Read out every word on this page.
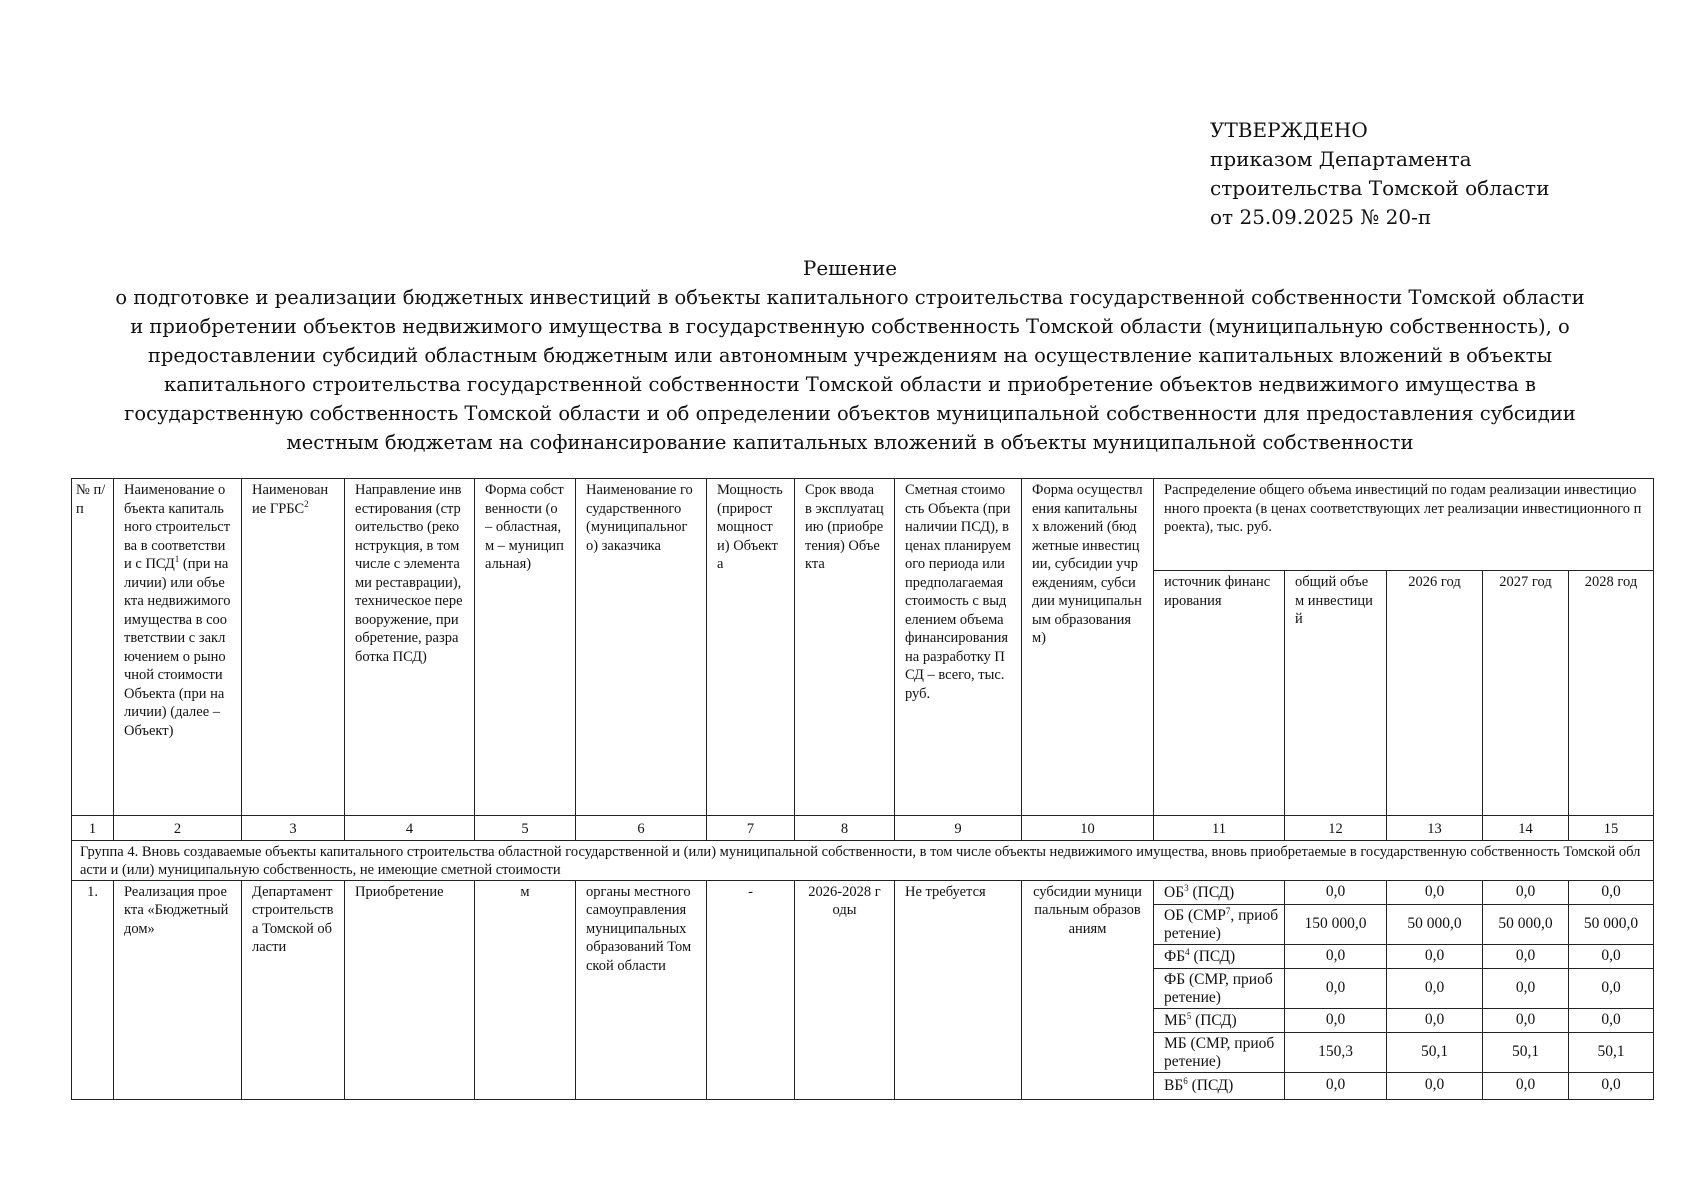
УТВЕРЖДЕНО
приказом Департамента
строительства Томской области
от 25.09.2025 № 20-п
Решение
о подготовке и реализации бюджетных инвестиций в объекты капитального строительства государственной собственности Томской области
и приобретении объектов недвижимого имущества в государственную собственность Томской области (муниципальную собственность), о
предоставлении субсидий областным бюджетным или автономным учреждениям на осуществление капитальных вложений в объекты
капитального строительства государственной собственности Томской области и приобретение объектов недвижимого имущества в
государственную собственность Томской области и об определении объектов муниципальной собственности для предоставления субсидии
местным бюджетам на софинансирование капитальных вложений в объекты муниципальной собственности
№ п/п	Наименование объекта капитального строительства в соответствии с ПСД$^1$ (при наличии) или объекта недвижимого имущества в соответствии с заключением о рыночной стоимости Объекта (при наличии) (далее – Объект)	Наименование ГРБС$^2$	Направление инвестирования (строительство (реконструкция, в том числе с элементами реставрации), техническое перевооружение, приобретение, разработка ПСД)	Форма собственности (о – областная, м – муниципальная)	Наименование государственного (муниципального) заказчика	Мощность (прирост мощности) Объекта	Срок ввода в эксплуатацию (приобретения) Объекта	Сметная стоимость Объекта (при наличии ПСД), в ценах планируемого периода или предполагаемая стоимость с выделением объема финансирования на разработку ПСД – всего, тыс. руб.	Форма осуществления капитальных вложений (бюджетные инвестиции, субсидии учреждениям, субсидии муниципальным образованиям)	Распределение общего объема инвестиций по годам реализации инвестиционного проекта (в ценах соответствующих лет реализации инвестиционного проекта), тыс. руб.				
										источник финансирования	общий объем инвестиций	2026 год	2027 год	2028 год
1	2	3	4	5	6	7	8	9	10	11	12	13	14	15
Группа 4. Вновь создаваемые объекты капитального строительства областной государственной и (или) муниципальной собственности, в том числе объекты недвижимого имущества, вновь приобретаемые в государственную собственность Томской области и (или) муниципальную собственность, не имеющие сметной стоимости														
1.	Реализация проекта «Бюджетный дом»	Департамент строительства Томской области	Приобретение	м	органы местного самоуправления муниципальных образований Томской области	-	2026-2028 годы	Не требуется	субсидии муниципальным образованиям	$ОБ^3$ (ПСД)	0,0	0,0	0,0	0,0
										ОБ (СМР$^7$, приобретение)	150 000,0	50 000,0	50 000,0	50 000,0
										$ФБ^4$ (ПСД)	0,0	0,0	0,0	0,0
										ФБ (СМР, приобретение)	0,0	0,0	0,0	0,0
										$МБ^5$ (ПСД)	0,0	0,0	0,0	0,0
										МБ (СМР, приобретение)	150,3	50,1	50,1	50,1
										$ВБ^6$ (ПСД)	0,0	0,0	0,0	0,0
